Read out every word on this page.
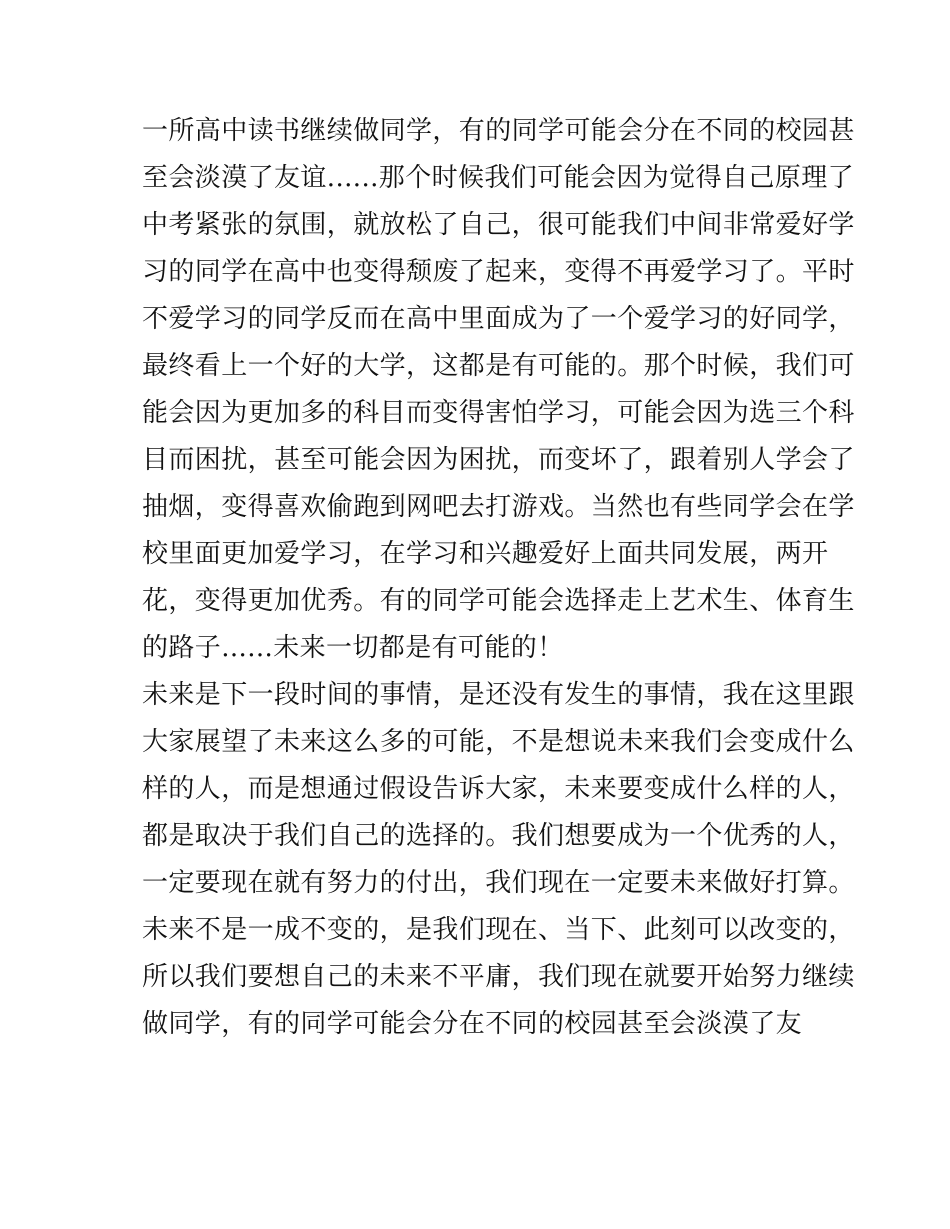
一所高中读书继续做同学，有的同学可能会分在不同的校园甚
至会淡漠了友谊......那个时候我们可能会因为觉得自己原理了
中考紧张的氛围，就放松了自己，很可能我们中间非常爱好学
习的同学在高中也变得颓废了起来，变得不再爱学习了。平时
不爱学习的同学反而在高中里面成为了一个爱学习的好同学，
最终看上一个好的大学，这都是有可能的。那个时候，我们可
能会因为更加多的科目而变得害怕学习，可能会因为选三个科
目而困扰，甚至可能会因为困扰，而变坏了，跟着别人学会了
抽烟，变得喜欢偷跑到网吧去打游戏。当然也有些同学会在学
校里面更加爱学习，在学习和兴趣爱好上面共同发展，两开
花，变得更加优秀。有的同学可能会选择走上艺术生、体育生
的路子......未来一切都是有可能的！
未来是下一段时间的事情，是还没有发生的事情，我在这里跟
大家展望了未来这么多的可能，不是想说未来我们会变成什么
样的人，而是想通过假设告诉大家，未来要变成什么样的人，
都是取决于我们自己的选择的。我们想要成为一个优秀的人，
一定要现在就有努力的付出，我们现在一定要未来做好打算。
未来不是一成不变的，是我们现在、当下、此刻可以改变的，
所以我们要想自己的未来不平庸，我们现在就要开始努力继续
做同学，有的同学可能会分在不同的校园甚至会淡漠了友
